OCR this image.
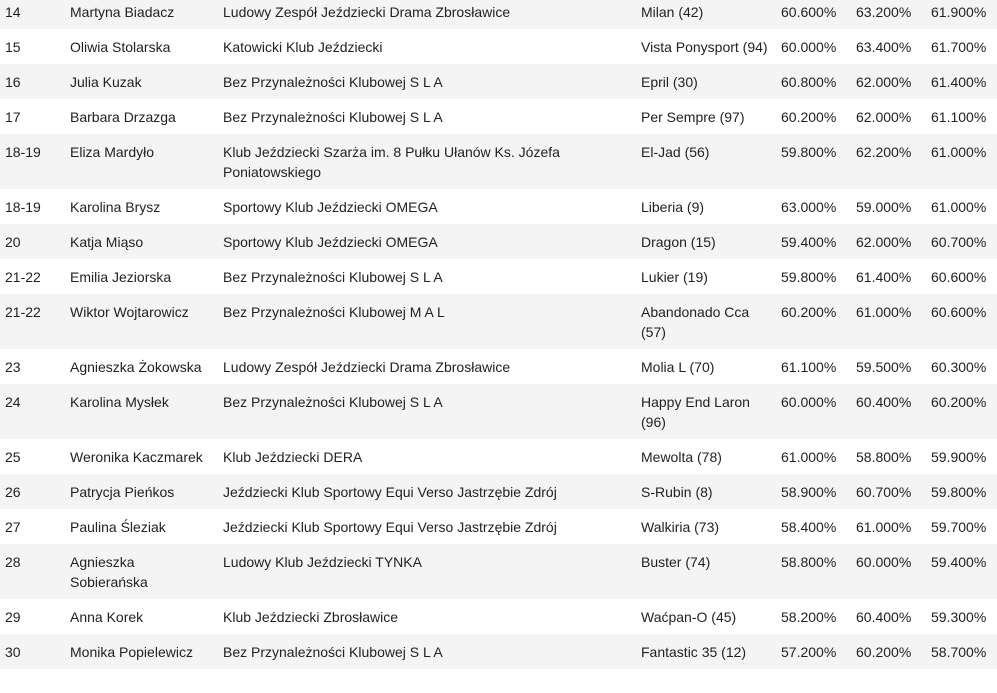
14	Martyna Biadacz	Ludowy Zespół Jeździecki Drama Zbrosławice	Milan (42)	60.600%	63.200%	61.900%
15	Oliwia Stolarska	Katowicki Klub Jeździecki	Vista Ponysport (94)	60.000%	63.400%	61.700%
16	Julia Kuzak	Bez Przynależności Klubowej S L A	Epril (30)	60.800%	62.000%	61.400%
17	Barbara Drzazga	Bez Przynależności Klubowej S L A	Per Sempre (97)	60.200%	62.000%	61.100%
18-19	Eliza Mardyło	Klub Jeździecki Szarża im. 8 Pułku Ułanów Ks. Józefa Poniatowskiego	El-Jad (56)	59.800%	62.200%	61.000%
18-19	Karolina Brysz	Sportowy Klub Jeździecki OMEGA	Liberia (9)	63.000%	59.000%	61.000%
20	Katja Miąso	Sportowy Klub Jeździecki OMEGA	Dragon (15)	59.400%	62.000%	60.700%
21-22	Emilia Jeziorska	Bez Przynależności Klubowej S L A	Lukier (19)	59.800%	61.400%	60.600%
21-22	Wiktor Wojtarowicz	Bez Przynależności Klubowej M A L	Abandonado Cca (57)	60.200%	61.000%	60.600%
23	Agnieszka Żokowska	Ludowy Zespół Jeździecki Drama Zbrosławice	Molia L (70)	61.100%	59.500%	60.300%
24	Karolina Mysłek	Bez Przynależności Klubowej S L A	Happy End Laron (96)	60.000%	60.400%	60.200%
25	Weronika Kaczmarek	Klub Jeździecki DERA	Mewolta (78)	61.000%	58.800%	59.900%
26	Patrycja Pieńkos	Jeździecki Klub Sportowy Equi Verso Jastrzębie Zdrój	S-Rubin (8)	58.900%	60.700%	59.800%
27	Paulina Śleziak	Jeździecki Klub Sportowy Equi Verso Jastrzębie Zdrój	Walkiria (73)	58.400%	61.000%	59.700%
28	Agnieszka Sobierańska	Ludowy Klub Jeździecki TYNKA	Buster (74)	58.800%	60.000%	59.400%
29	Anna Korek	Klub Jeździecki Zbrosławice	Waćpan-O (45)	58.200%	60.400%	59.300%
30	Monika Popielewicz	Bez Przynależności Klubowej S L A	Fantastic 35 (12)	57.200%	60.200%	58.700%
